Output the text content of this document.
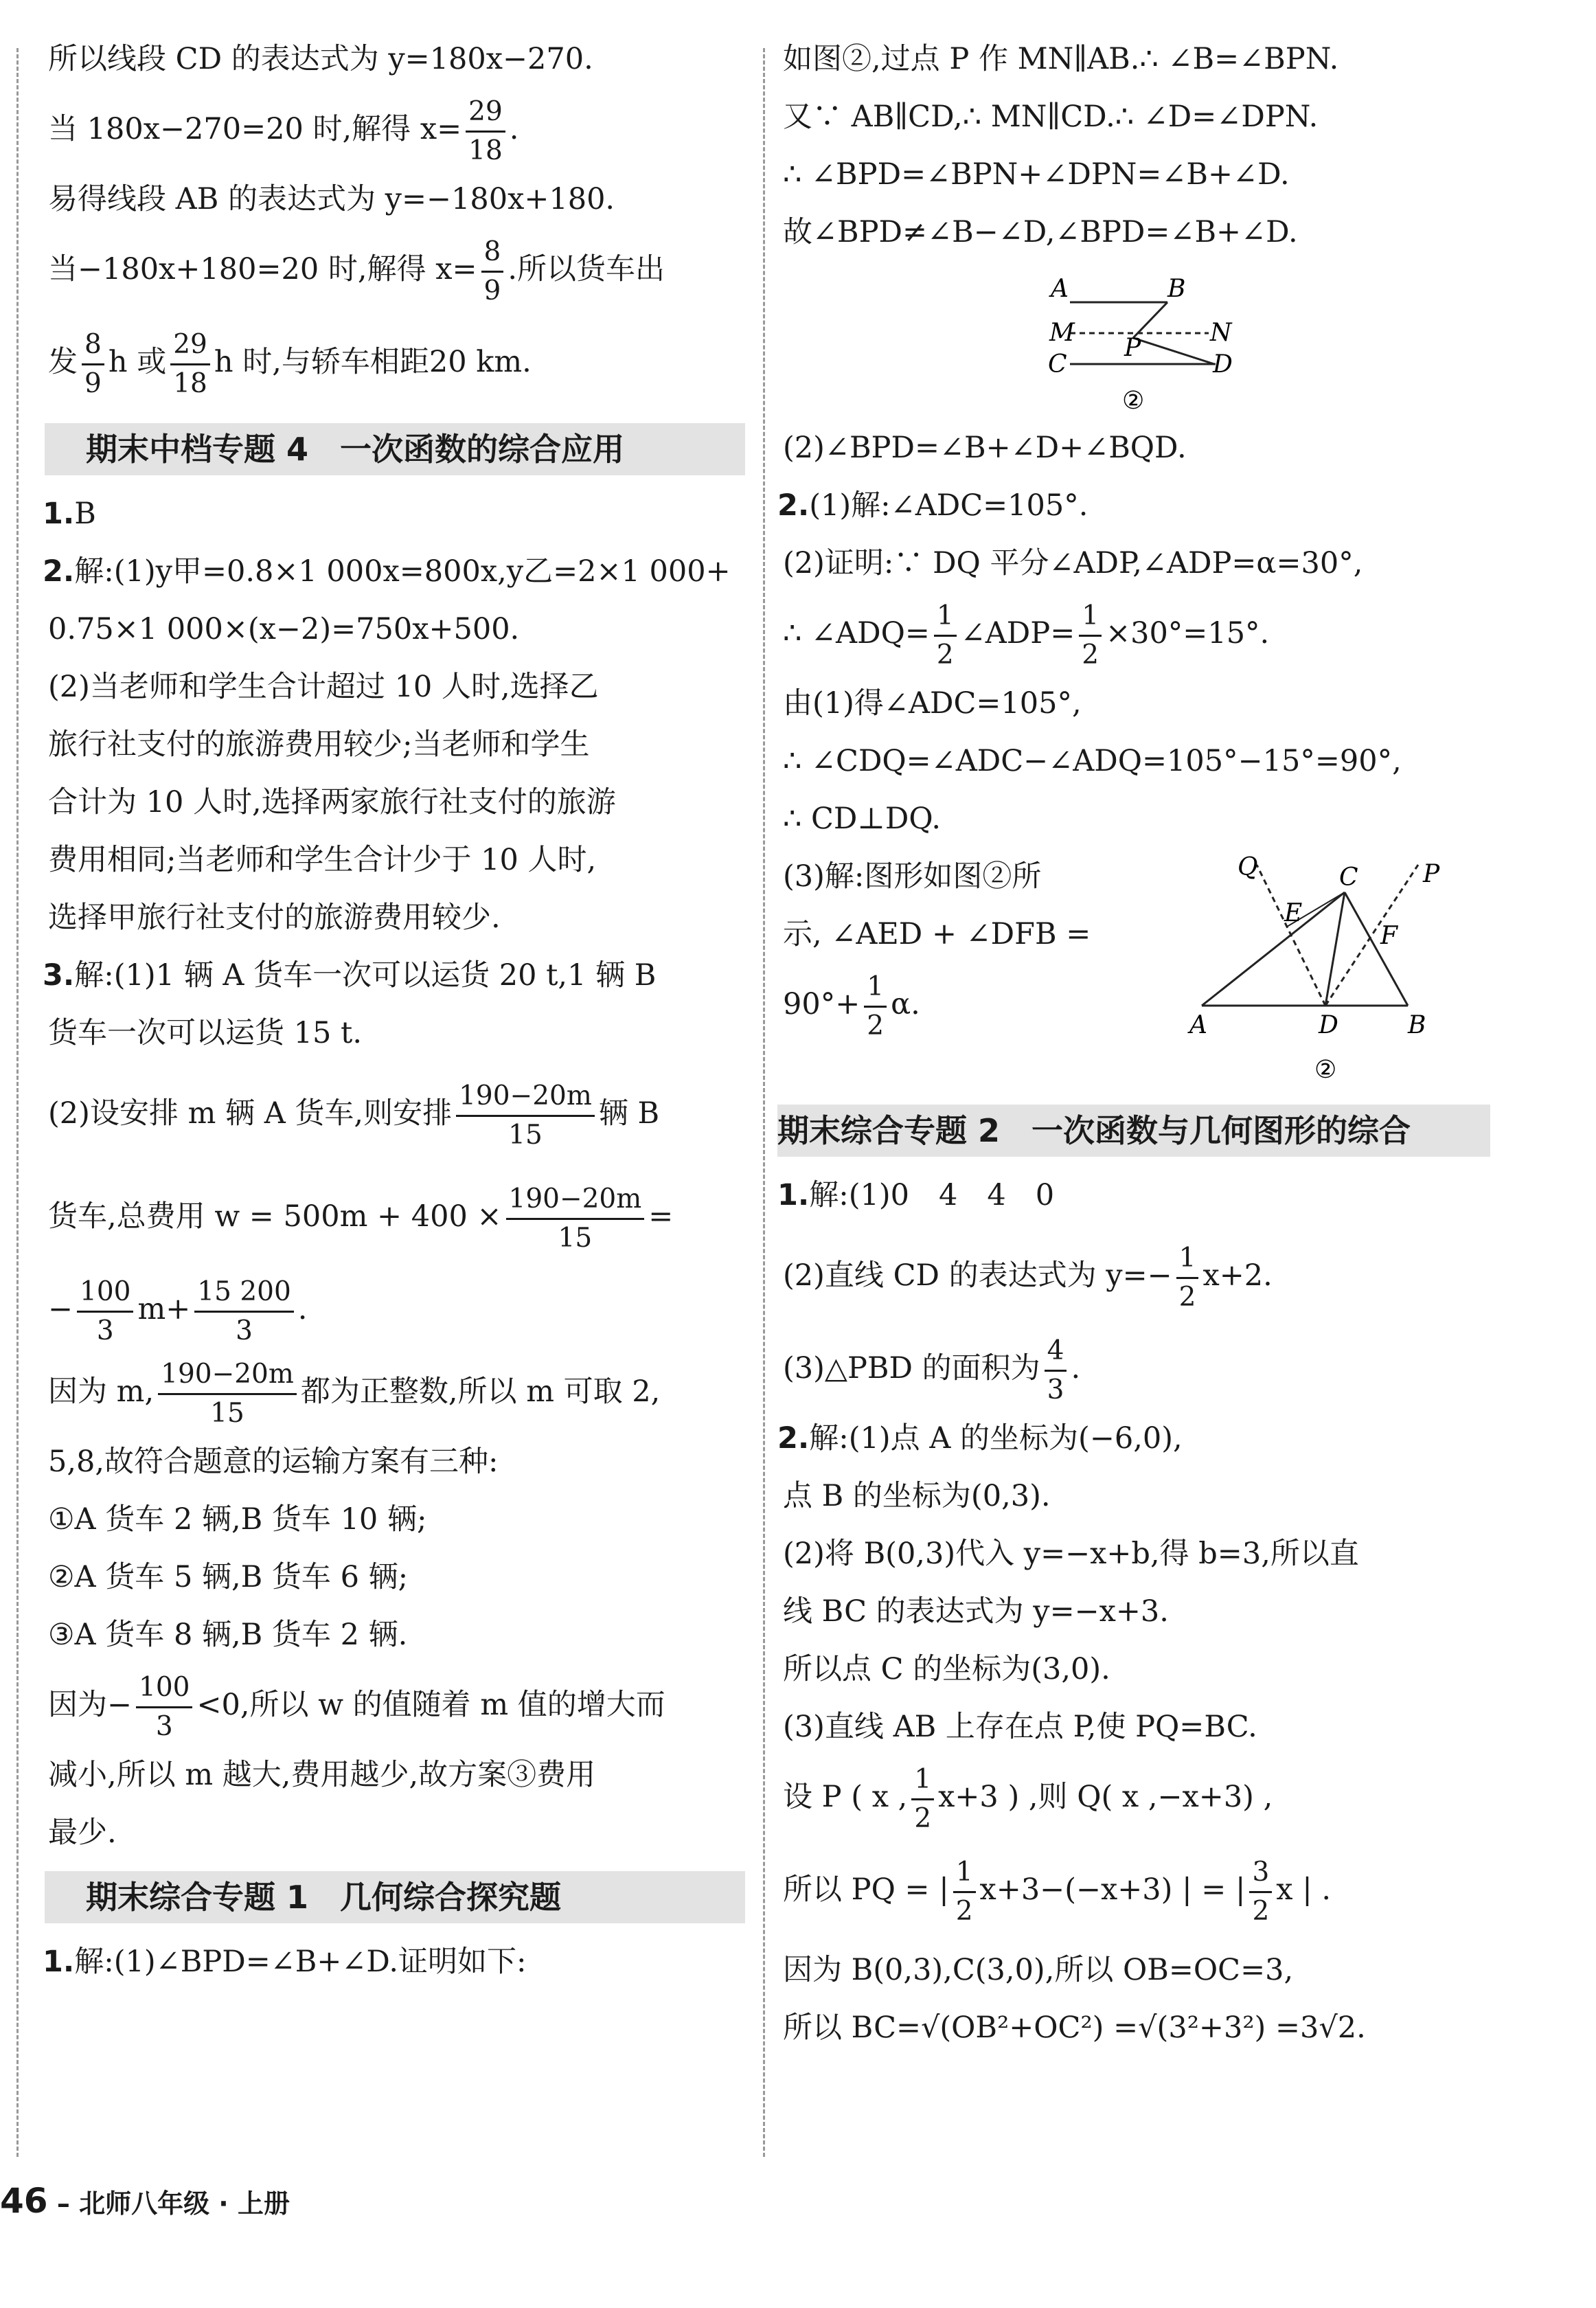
所以线段 CD 的表达式为 y=180x−270.
当 180x−270=20 时,解得 $x= \frac{29}{18}$ .
易得线段 AB 的表达式为 y=−180x+180.
当−180x+180=20 时,解得 $x= \frac{8}{9}$ .所以货车出
发 $\frac{8}{9}$ h 或 $\frac{29}{18}$ h 时,与轿车相距20 km.
期末中档专题 4　一次函数的综合应用
1.B
2.解:(1)y甲=0.8×1 000x=800x,y乙=2×1 000+
0.75×1 000×(x−2)=750x+500.
(2)当老师和学生合计超过 10 人时,选择乙
旅行社支付的旅游费用较少;当老师和学生
合计为 10 人时,选择两家旅行社支付的旅游
费用相同;当老师和学生合计少于 10 人时,
选择甲旅行社支付的旅游费用较少.
3.解:(1)1 辆 A 货车一次可以运货 20 t,1 辆 B
货车一次可以运货 15 t.
(2)设安排 m 辆 A 货车,则安排 $\frac{190-20m}{15}$ 辆 B
货车,总费用 $w = 500m + 400 \times \frac{190-20m}{15}$ =
− $\frac{100}{3} m+ \frac{15 200}{3}$ .
因为 m, $\frac{190-20m}{15}$ 都为正整数,所以 m 可取 2,
5,8,故符合题意的运输方案有三种:
①A 货车 2 辆,B 货车 10 辆;
②A 货车 5 辆,B 货车 6 辆;
③A 货车 8 辆,B 货车 2 辆.
因为− $\frac{100}{3} <0$,所以 w 的值随着 m 值的增大而
减小,所以 m 越大,费用越少,故方案③费用
最少.
期末综合专题 1　几何综合探究题
1.解:(1)∠BPD=∠B+∠D.证明如下:
如图②,过点 P 作 MN∥AB.∴ ∠B=∠BPN.
又∵ AB∥CD,∴ MN∥CD.∴ ∠D=∠DPN.
∴ ∠BPD=∠BPN+∠DPN=∠B+∠D.
故∠BPD≠∠B−∠D,∠BPD=∠B+∠D.
A	B
M	N
P
C	D
②
(2)∠BPD=∠B+∠D+∠BQD.
2.(1)解:∠ADC=105°.
(2)证明:∵ DQ 平分∠ADP,∠ADP=α=30°,
∴ ∠ADQ= $\frac{1}{2}$ ∠ADP= $\frac{1}{2} \times 30^\circ=15^\circ$.
由(1)得∠ADC=105°,
∴ ∠CDQ=∠ADC−∠ADQ=105°−15°=90°,
∴ CD⊥DQ.
(3)解:图形如图②所
示, ∠AED + ∠DFB =
$90^\circ+ \frac{1}{2} \alpha$.
Q	C	P
E
F
A	D	B
②
期末综合专题 2　一次函数与几何图形的综合
1.解:(1)0　4　4　0
(2)直线 CD 的表达式为 $y=- \frac{1}{2} x+2$.
(3)△PBD 的面积为 $\frac{4}{3}$ .
2.解:(1)点 A 的坐标为(−6,0),
点 B 的坐标为(0,3).
(2)将 B(0,3)代入 y=−x+b,得 b=3,所以直
线 BC 的表达式为 y=−x+3.
所以点 C 的坐标为(3,0).
(3)直线 AB 上存在点 P,使 PQ=BC.
设 P ( x , $\frac{1}{2} x+3$ ) ,则 Q( x ,−x+3) ,
所以 PQ = | $\frac{1}{2} x+3-(-x+3)$ | = | $\frac{3}{2}$ x | .
因为 B(0,3),C(3,0),所以 OB=OC=3,
所以 BC=√(OB²+OC²) =√(3²+3²) =3√2.
46 – 北师八年级 · 上册
